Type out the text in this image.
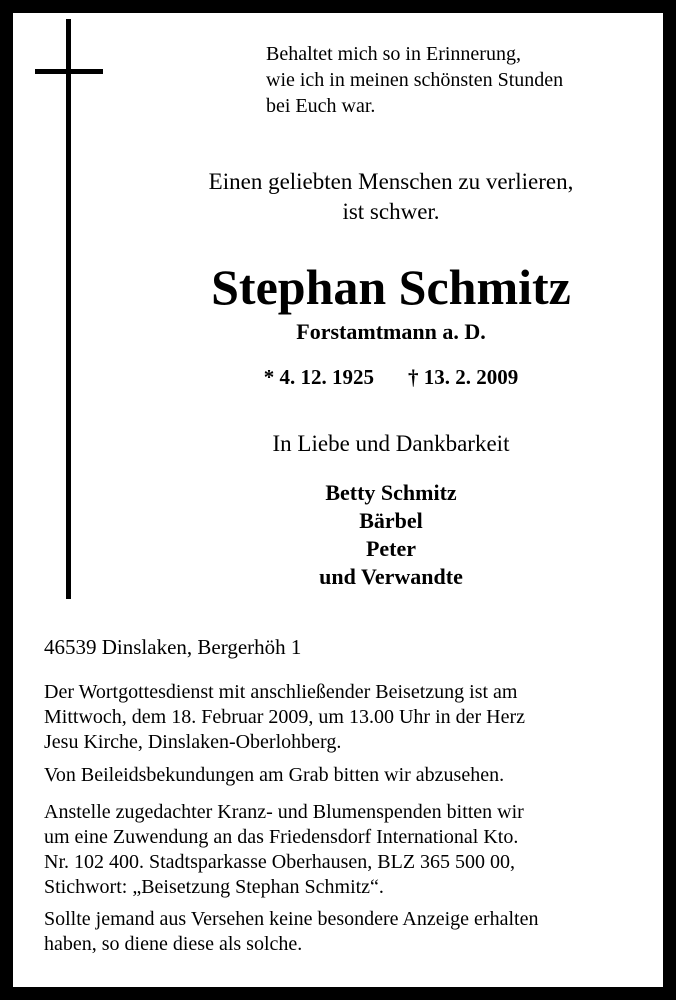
Behaltet mich so in Erinnerung,
wie ich in meinen schönsten Stunden
bei Euch war.
Einen geliebten Menschen zu verlieren,
ist schwer.
Stephan Schmitz
Forstamtmann a. D.
* 4. 12. 1925 † 13. 2. 2009
In Liebe und Dankbarkeit
Betty Schmitz
Bärbel
Peter
und Verwandte
46539 Dinslaken, Bergerhöh 1
Der Wortgottesdienst mit anschließender Beisetzung ist am
Mittwoch, dem 18. Februar 2009, um 13.00 Uhr in der Herz
Jesu Kirche, Dinslaken-Oberlohberg.
Von Beileidsbekundungen am Grab bitten wir abzusehen.
Anstelle zugedachter Kranz- und Blumenspenden bitten wir
um eine Zuwendung an das Friedensdorf International Kto.
Nr. 102 400. Stadtsparkasse Oberhausen, BLZ 365 500 00,
Stichwort: „Beisetzung Stephan Schmitz“.
Sollte jemand aus Versehen keine besondere Anzeige erhalten
haben, so diene diese als solche.
